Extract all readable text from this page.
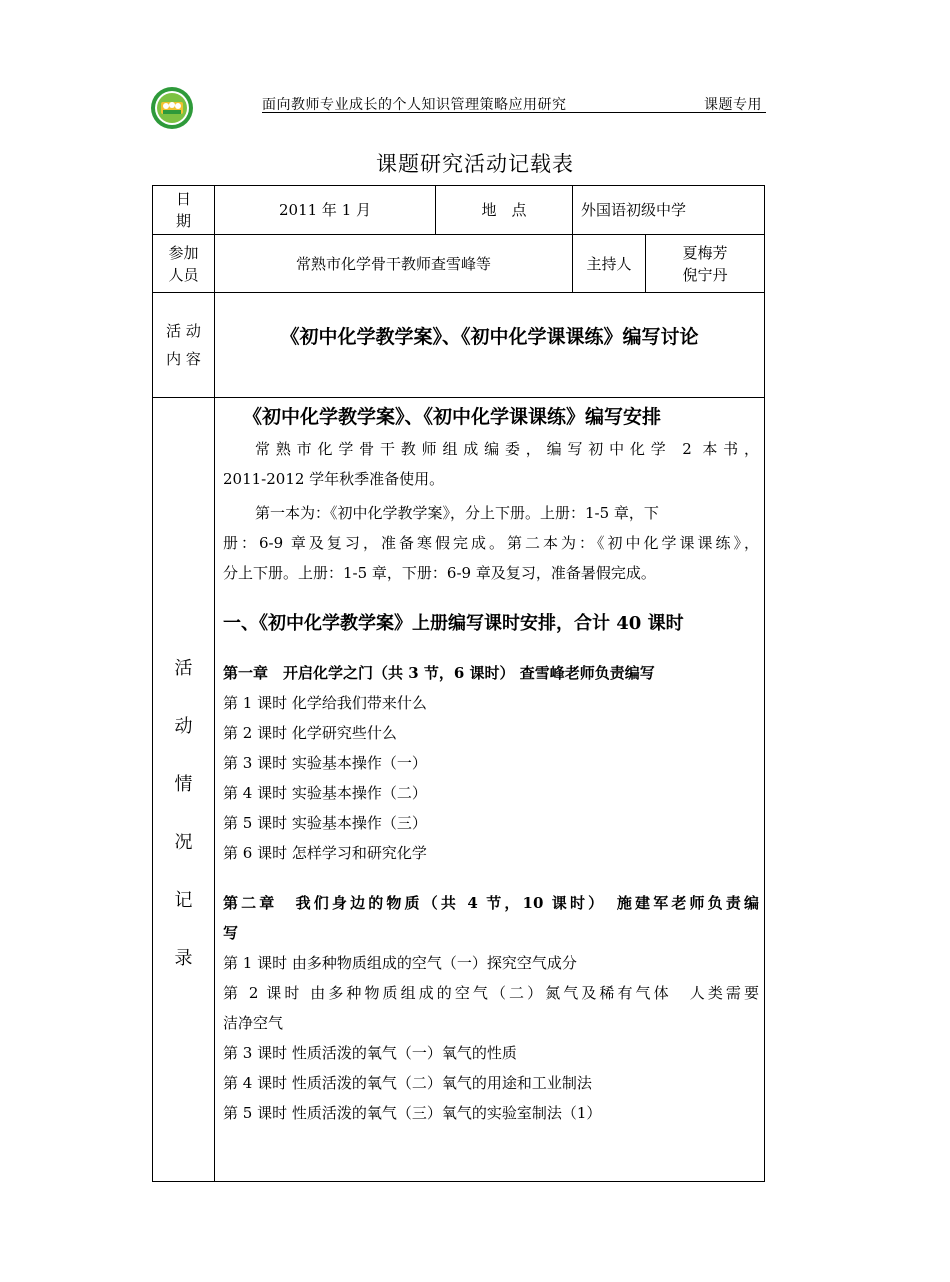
面向教师专业成长的个人知识管理策略应用研究	课题专用
课题研究活动记载表
日
期
2011 年 1 月	地　点	外国语初级中学
参加
人员
常熟市化学骨干教师查雪峰等	主持人
夏梅芳
倪宁丹
活 动
内 容
《初中化学教学案》、《初中化学课课练》编写讨论
活
动
情
况
记
录

《初中化学教学案》、《初中化学课课练》编写安排

常熟市化学骨干教师组成编委，编写初中化学 2 本书，

2011-2012 学年秋季准备使用。

第一本为：《初中化学教学案》，分上下册。上册：1-5 章，下

册：6-9 章及复习，准备寒假完成。第二本为：《初中化学课课练》，

分上下册。上册：1-5 章，下册：6-9 章及复习，准备暑假完成。

一、《初中化学教学案》上册编写课时安排，合计 40 课时

第一章　开启化学之门（共 3 节，6 课时） 查雪峰老师负责编写

第 1 课时 化学给我们带来什么

第 2 课时 化学研究些什么

第 3 课时 实验基本操作（一）

第 4 课时 实验基本操作（二）

第 5 课时 实验基本操作（三）

第 6 课时 怎样学习和研究化学

第二章　我们身边的物质（共 4 节，10 课时）　施建军老师负责编

写

第 1 课时 由多种物质组成的空气（一）探究空气成分

第 2 课时 由多种物质组成的空气（二）氮气及稀有气体　人类需要

洁净空气

第 3 课时 性质活泼的氧气（一）氧气的性质

第 4 课时 性质活泼的氧气（二）氧气的用途和工业制法

第 5 课时 性质活泼的氧气（三）氧气的实验室制法（1）
